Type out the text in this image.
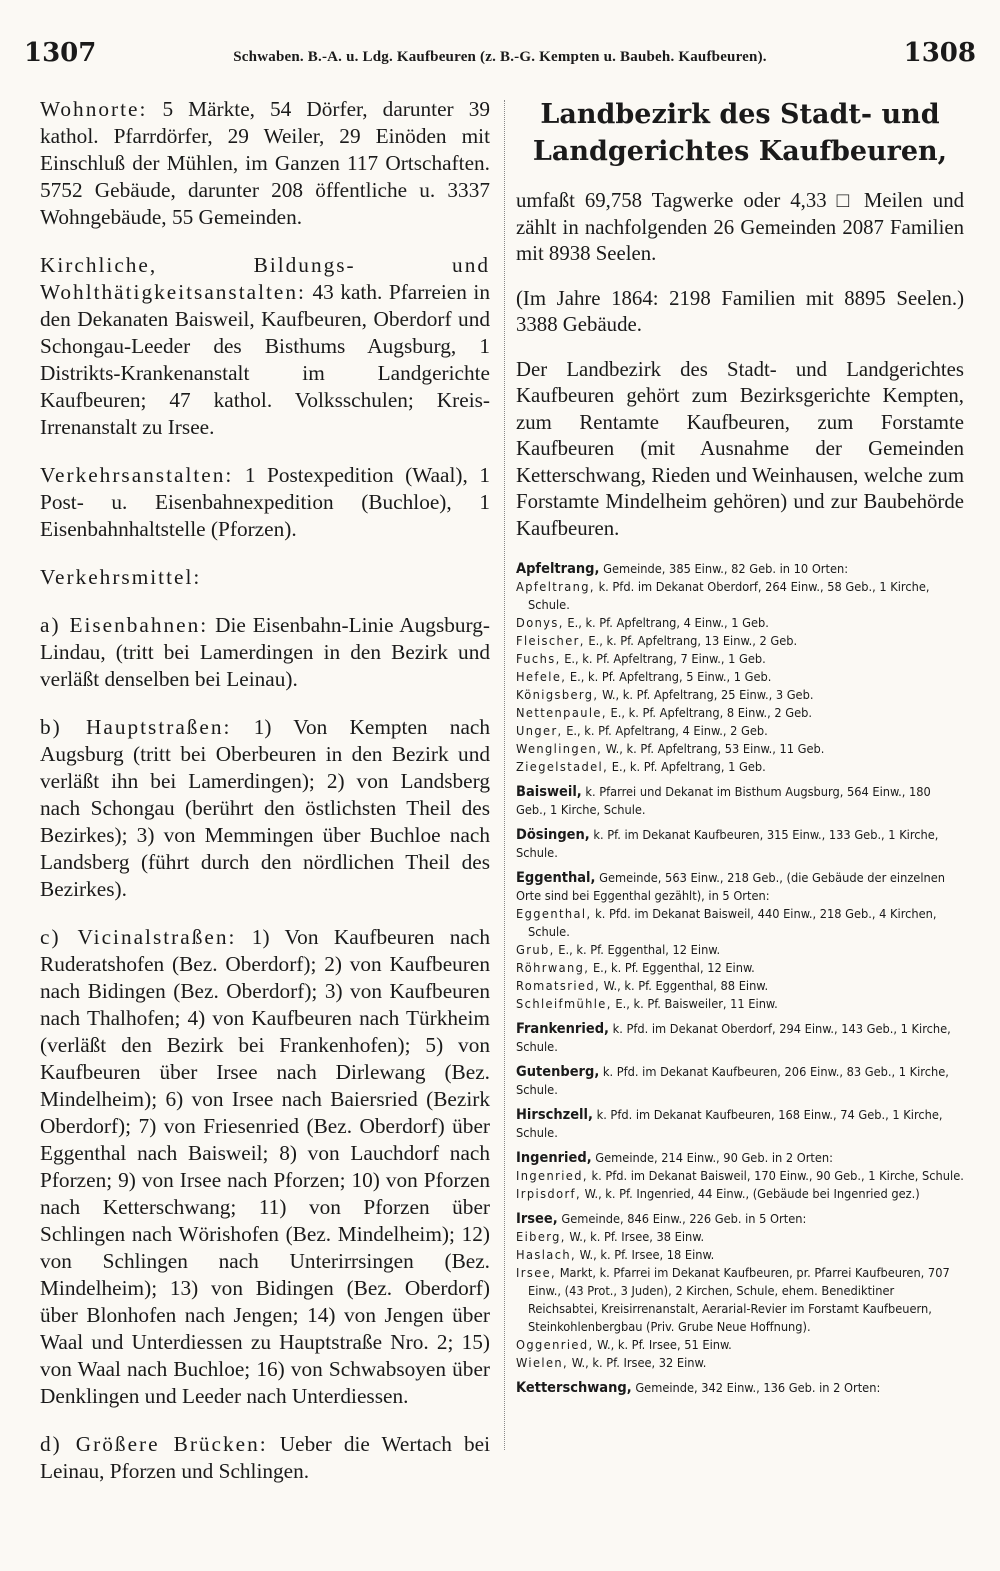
1307	Schwaben. B.-A. u. Ldg. Kaufbeuren (z. B.-G. Kempten u. Baubeh. Kaufbeuren).	1308

Wohnorte: 5 Märkte, 54 Dörfer, darunter 39 kathol. Pfarrdörfer, 29 Weiler, 29 Einöden mit Einschluß der Mühlen, im Ganzen 117 Ortschaften. 5752 Gebäude, darunter 208 öffentliche u. 3337 Wohngebäude, 55 Gemeinden.

Kirchliche, Bildungs- und Wohlthätigkeitsanstalten: 43 kath. Pfarreien in den Dekanaten Baisweil, Kaufbeuren, Oberdorf und Schongau-Leeder des Bisthums Augsburg, 1 Distrikts-Krankenanstalt im Landgerichte Kaufbeuren; 47 kathol. Volksschulen; Kreis-Irrenanstalt zu Irsee.

Verkehrsanstalten: 1 Postexpedition (Waal), 1 Post- u. Eisenbahnexpedition (Buchloe), 1 Eisenbahnhaltstelle (Pforzen).

Verkehrsmittel:

a) Eisenbahnen: Die Eisenbahn-Linie Augsburg-Lindau, (tritt bei Lamerdingen in den Bezirk und verläßt denselben bei Leinau).

b) Hauptstraßen: 1) Von Kempten nach Augsburg (tritt bei Oberbeuren in den Bezirk und verläßt ihn bei Lamerdingen); 2) von Landsberg nach Schongau (berührt den östlichsten Theil des Bezirkes); 3) von Memmingen über Buchloe nach Landsberg (führt durch den nördlichen Theil des Bezirkes).

c) Vicinalstraßen: 1) Von Kaufbeuren nach Ruderatshofen (Bez. Oberdorf); 2) von Kaufbeuren nach Bidingen (Bez. Oberdorf); 3) von Kaufbeuren nach Thalhofen; 4) von Kaufbeuren nach Türkheim (verläßt den Bezirk bei Frankenhofen); 5) von Kaufbeuren über Irsee nach Dirlewang (Bez. Mindelheim); 6) von Irsee nach Baiersried (Bezirk Oberdorf); 7) von Friesenried (Bez. Oberdorf) über Eggenthal nach Baisweil; 8) von Lauchdorf nach Pforzen; 9) von Irsee nach Pforzen; 10) von Pforzen nach Ketterschwang; 11) von Pforzen über Schlingen nach Wörishofen (Bez. Mindelheim); 12) von Schlingen nach Unterirrsingen (Bez. Mindelheim); 13) von Bidingen (Bez. Oberdorf) über Blonhofen nach Jengen; 14) von Jengen über Waal und Unterdiessen zu Hauptstraße Nro. 2; 15) von Waal nach Buchloe; 16) von Schwabsoyen über Denklingen und Leeder nach Unterdiessen.

d) Größere Brücken: Ueber die Wertach bei Leinau, Pforzen und Schlingen.

Landbezirk des Stadt- und Landgerichtes Kaufbeuren,

umfaßt 69,758 Tagwerke oder 4,33 □ Meilen und zählt in nachfolgenden 26 Gemeinden 2087 Familien mit 8938 Seelen.

(Im Jahre 1864: 2198 Familien mit 8895 Seelen.) 3388 Gebäude.

Der Landbezirk des Stadt- und Landgerichtes Kaufbeuren gehört zum Bezirksgerichte Kempten, zum Rentamte Kaufbeuren, zum Forstamte Kaufbeuren (mit Ausnahme der Gemeinden Ketterschwang, Rieden und Weinhausen, welche zum Forstamte Mindelheim gehören) und zur Baubehörde Kaufbeuren.

Apfeltrang, Gemeinde, 385 Einw., 82 Geb. in 10 Orten:

Apfeltrang, k. Pfd. im Dekanat Oberdorf, 264 Einw., 58 Geb., 1 Kirche, Schule.

Donys, E., k. Pf. Apfeltrang, 4 Einw., 1 Geb.

Fleischer, E., k. Pf. Apfeltrang, 13 Einw., 2 Geb.

Fuchs, E., k. Pf. Apfeltrang, 7 Einw., 1 Geb.

Hefele, E., k. Pf. Apfeltrang, 5 Einw., 1 Geb.

Königsberg, W., k. Pf. Apfeltrang, 25 Einw., 3 Geb.

Nettenpaule, E., k. Pf. Apfeltrang, 8 Einw., 2 Geb.

Unger, E., k. Pf. Apfeltrang, 4 Einw., 2 Geb.

Wenglingen, W., k. Pf. Apfeltrang, 53 Einw., 11 Geb.

Ziegelstadel, E., k. Pf. Apfeltrang, 1 Geb.

Baisweil, k. Pfarrei und Dekanat im Bisthum Augsburg, 564 Einw., 180 Geb., 1 Kirche, Schule.

Dösingen, k. Pf. im Dekanat Kaufbeuren, 315 Einw., 133 Geb., 1 Kirche, Schule.

Eggenthal, Gemeinde, 563 Einw., 218 Geb., (die Gebäude der einzelnen Orte sind bei Eggenthal gezählt), in 5 Orten:

Eggenthal, k. Pfd. im Dekanat Baisweil, 440 Einw., 218 Geb., 4 Kirchen, Schule.

Grub, E., k. Pf. Eggenthal, 12 Einw.

Röhrwang, E., k. Pf. Eggenthal, 12 Einw.

Romatsried, W., k. Pf. Eggenthal, 88 Einw.

Schleifmühle, E., k. Pf. Baisweiler, 11 Einw.

Frankenried, k. Pfd. im Dekanat Oberdorf, 294 Einw., 143 Geb., 1 Kirche, Schule.

Gutenberg, k. Pfd. im Dekanat Kaufbeuren, 206 Einw., 83 Geb., 1 Kirche, Schule.

Hirschzell, k. Pfd. im Dekanat Kaufbeuren, 168 Einw., 74 Geb., 1 Kirche, Schule.

Ingenried, Gemeinde, 214 Einw., 90 Geb. in 2 Orten:

Ingenried, k. Pfd. im Dekanat Baisweil, 170 Einw., 90 Geb., 1 Kirche, Schule.

Irpisdorf, W., k. Pf. Ingenried, 44 Einw., (Gebäude bei Ingenried gez.)

Irsee, Gemeinde, 846 Einw., 226 Geb. in 5 Orten:

Eiberg, W., k. Pf. Irsee, 38 Einw.

Haslach, W., k. Pf. Irsee, 18 Einw.

Irsee, Markt, k. Pfarrei im Dekanat Kaufbeuren, pr. Pfarrei Kaufbeuren, 707 Einw., (43 Prot., 3 Juden), 2 Kirchen, Schule, ehem. Benediktiner Reichsabtei, Kreisirrenanstalt, Aerarial-Revier im Forstamt Kaufbeuern, Steinkohlenbergbau (Priv. Grube Neue Hoffnung).

Oggenried, W., k. Pf. Irsee, 51 Einw.

Wielen, W., k. Pf. Irsee, 32 Einw.

Ketterschwang, Gemeinde, 342 Einw., 136 Geb. in 2 Orten:
